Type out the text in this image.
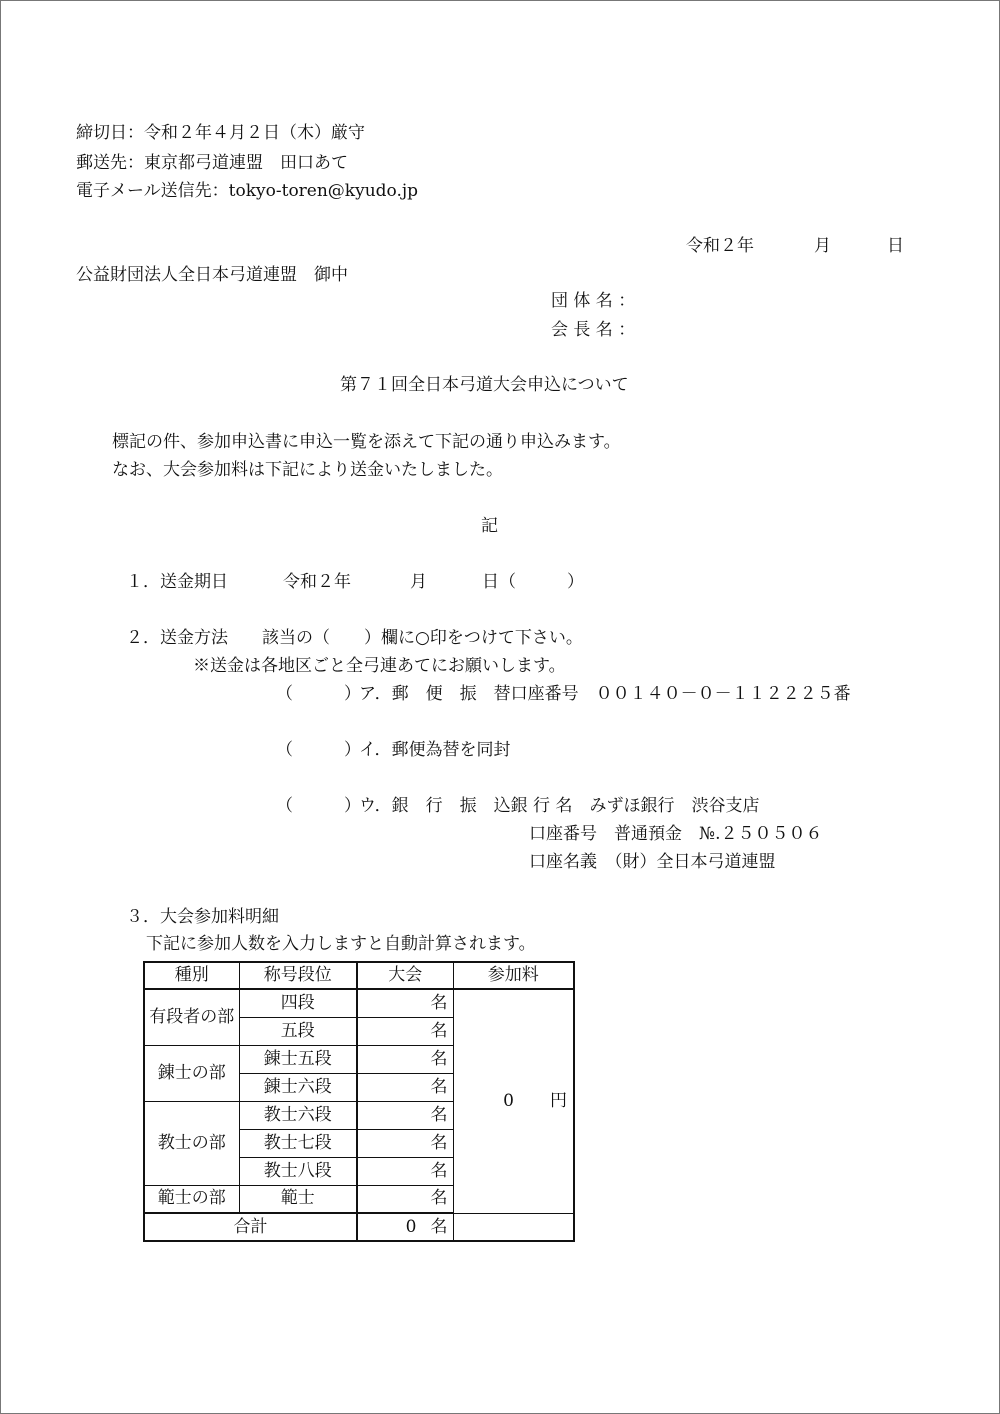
締切日：令和２年４月２日（木）厳守
郵送先：東京都弓道連盟　田口あて
電子メール送信先：tokyo-toren@kyudo.jp
令和２年	月	日
公益財団法人全日本弓道連盟　御中
団 体 名 ：
会 長 名 ：
第７１回全日本弓道大会申込について
標記の件、参加申込書に申込一覧を添えて下記の通り申込みます。
なお、大会参加料は下記により送金いたしました。
記
１．送金期日	令和２年	月	日（　　　）
２．送金方法　　該当の（　　）欄に○印をつけて下さい。
※送金は各地区ごと全弓連あてにお願いします。
（　　　）
ア．郵　便　振　替口座番号　００１４０－０－１１２２２５番
（　　　）
イ．郵便為替を同封
（　　　）
ウ．銀　行　振　込銀 行 名　みずほ銀行　渋谷支店
口座番号　普通預金　№.２５０５０６
口座名義　（財）全日本弓道連盟
３．大会参加料明細
下記に参加人数を入力しますと自動計算されます。
種別	称号段位	大会	参加料
有段者の部	四段	名	0 円
	五段	名	
錬士の部	錬士五段	名	
	錬士六段	名	
教士の部	教士六段	名	
	教士七段	名	
	教士八段	名	
範士の部	範士	名	
合計		0 名	
